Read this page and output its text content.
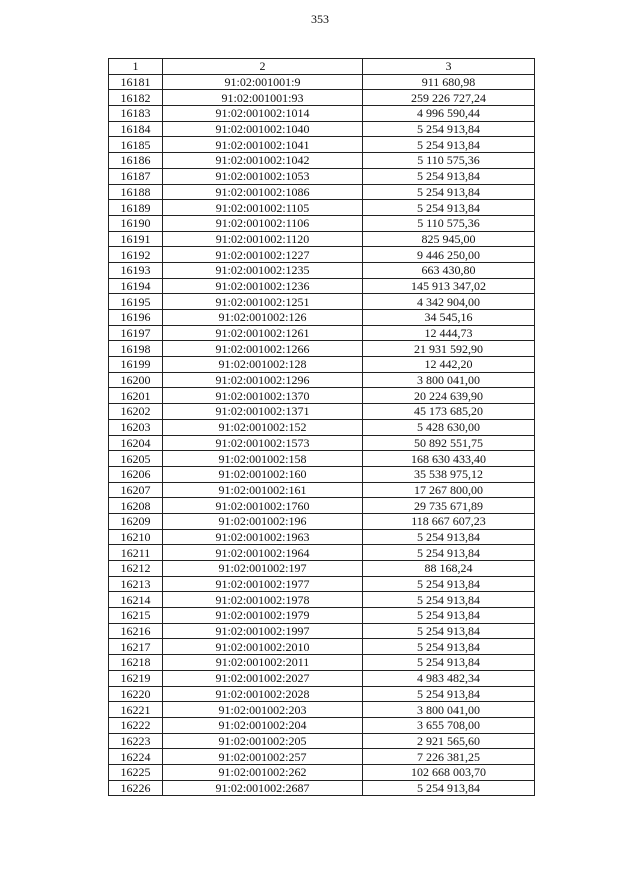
353
1	2	3
16181	91:02:001001:9	911 680,98
16182	91:02:001001:93	259 226 727,24
16183	91:02:001002:1014	4 996 590,44
16184	91:02:001002:1040	5 254 913,84
16185	91:02:001002:1041	5 254 913,84
16186	91:02:001002:1042	5 110 575,36
16187	91:02:001002:1053	5 254 913,84
16188	91:02:001002:1086	5 254 913,84
16189	91:02:001002:1105	5 254 913,84
16190	91:02:001002:1106	5 110 575,36
16191	91:02:001002:1120	825 945,00
16192	91:02:001002:1227	9 446 250,00
16193	91:02:001002:1235	663 430,80
16194	91:02:001002:1236	145 913 347,02
16195	91:02:001002:1251	4 342 904,00
16196	91:02:001002:126	34 545,16
16197	91:02:001002:1261	12 444,73
16198	91:02:001002:1266	21 931 592,90
16199	91:02:001002:128	12 442,20
16200	91:02:001002:1296	3 800 041,00
16201	91:02:001002:1370	20 224 639,90
16202	91:02:001002:1371	45 173 685,20
16203	91:02:001002:152	5 428 630,00
16204	91:02:001002:1573	50 892 551,75
16205	91:02:001002:158	168 630 433,40
16206	91:02:001002:160	35 538 975,12
16207	91:02:001002:161	17 267 800,00
16208	91:02:001002:1760	29 735 671,89
16209	91:02:001002:196	118 667 607,23
16210	91:02:001002:1963	5 254 913,84
16211	91:02:001002:1964	5 254 913,84
16212	91:02:001002:197	88 168,24
16213	91:02:001002:1977	5 254 913,84
16214	91:02:001002:1978	5 254 913,84
16215	91:02:001002:1979	5 254 913,84
16216	91:02:001002:1997	5 254 913,84
16217	91:02:001002:2010	5 254 913,84
16218	91:02:001002:2011	5 254 913,84
16219	91:02:001002:2027	4 983 482,34
16220	91:02:001002:2028	5 254 913,84
16221	91:02:001002:203	3 800 041,00
16222	91:02:001002:204	3 655 708,00
16223	91:02:001002:205	2 921 565,60
16224	91:02:001002:257	7 226 381,25
16225	91:02:001002:262	102 668 003,70
16226	91:02:001002:2687	5 254 913,84
